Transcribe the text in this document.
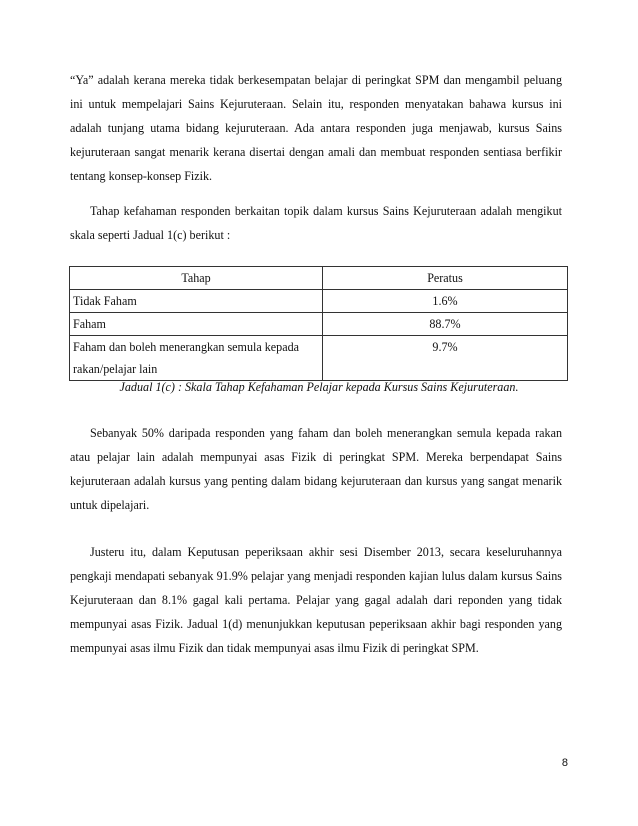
“Ya” adalah kerana mereka tidak berkesempatan belajar di peringkat SPM dan mengambil peluang ini untuk mempelajari Sains Kejuruteraan. Selain itu, responden menyatakan bahawa kursus ini adalah tunjang utama bidang kejuruteraan. Ada antara responden juga menjawab, kursus Sains kejuruteraan sangat menarik kerana disertai dengan amali dan membuat responden sentiasa berfikir tentang konsep-konsep Fizik.

Tahap kefahaman responden berkaitan topik dalam kursus Sains Kejuruteraan adalah mengikut skala seperti Jadual 1(c) berikut :

Tahap	Peratus
Tidak Faham	1.6%
Faham	88.7%
Faham dan boleh menerangkan semula kepada rakan/pelajar lain	9.7%
Jadual 1(c) : Skala Tahap Kefahaman Pelajar kepada Kursus Sains Kejuruteraan.

Sebanyak 50% daripada responden yang faham dan boleh menerangkan semula kepada rakan atau pelajar lain adalah mempunyai asas Fizik di peringkat SPM. Mereka berpendapat Sains kejuruteraan adalah kursus yang penting dalam bidang kejuruteraan dan kursus yang sangat menarik untuk dipelajari.

Justeru itu, dalam Keputusan peperiksaan akhir sesi Disember 2013, secara keseluruhannya pengkaji mendapati sebanyak 91.9% pelajar yang menjadi responden kajian lulus dalam kursus Sains Kejuruteraan dan 8.1% gagal kali pertama. Pelajar yang gagal adalah dari reponden yang tidak mempunyai asas Fizik. Jadual 1(d) menunjukkan keputusan peperiksaan akhir bagi responden yang mempunyai asas ilmu Fizik dan tidak mempunyai asas ilmu Fizik di peringkat SPM.

8
